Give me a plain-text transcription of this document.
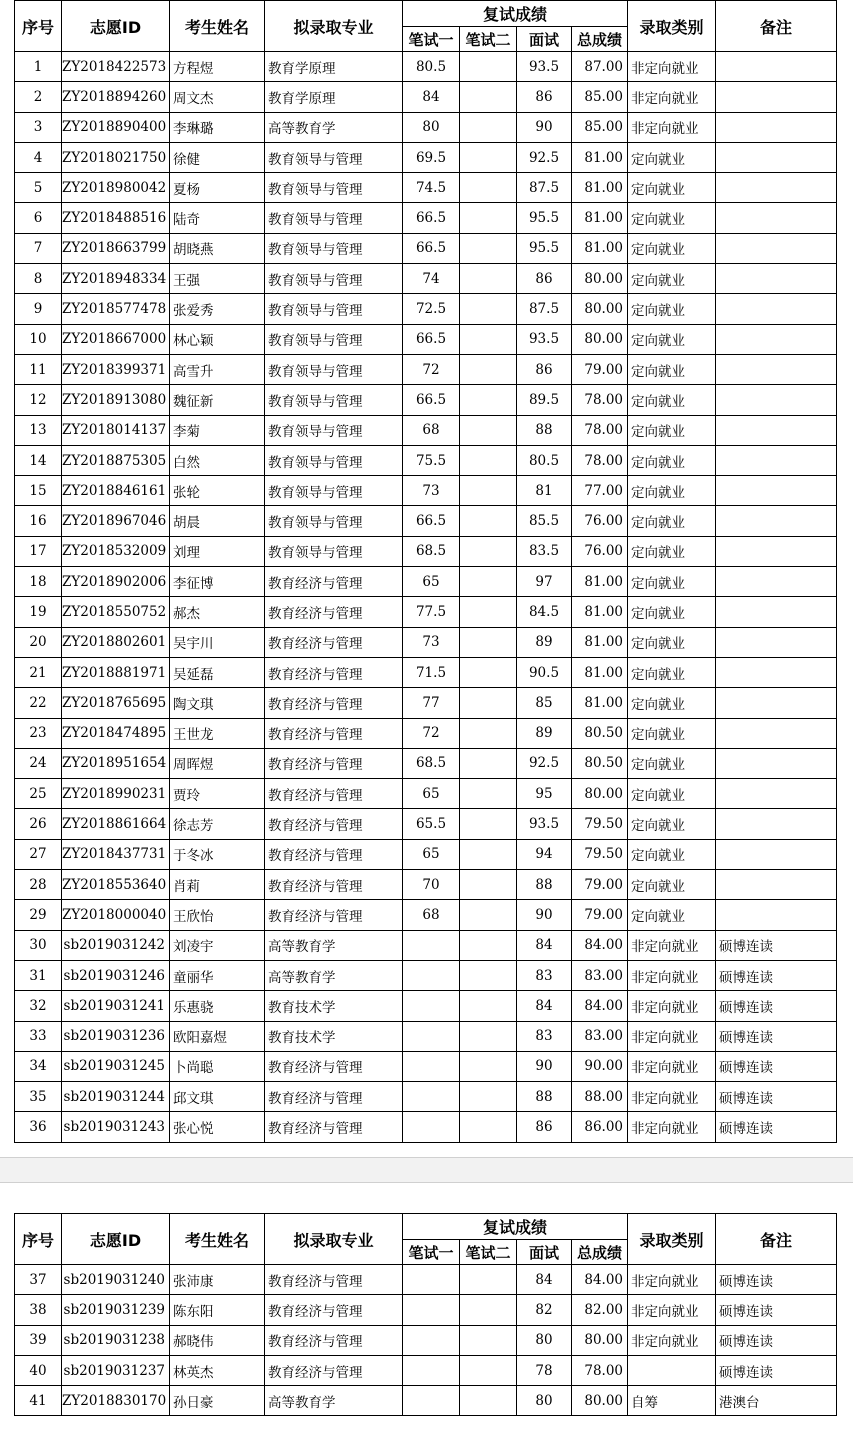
序号	志愿ID	考生姓名	拟录取专业	复试成绩				录取类别	备注
				笔试一	笔试二	面试	总成绩		
1	ZY2018422573	方程煜	教育学原理	80.5		93.5	87.00	非定向就业	
2	ZY2018894260	周文杰	教育学原理	84		86	85.00	非定向就业	
3	ZY2018890400	李琳璐	高等教育学	80		90	85.00	非定向就业	
4	ZY2018021750	徐健	教育领导与管理	69.5		92.5	81.00	定向就业	
5	ZY2018980042	夏杨	教育领导与管理	74.5		87.5	81.00	定向就业	
6	ZY2018488516	陆奇	教育领导与管理	66.5		95.5	81.00	定向就业	
7	ZY2018663799	胡晓燕	教育领导与管理	66.5		95.5	81.00	定向就业	
8	ZY2018948334	王强	教育领导与管理	74		86	80.00	定向就业	
9	ZY2018577478	张爱秀	教育领导与管理	72.5		87.5	80.00	定向就业	
10	ZY2018667000	林心颖	教育领导与管理	66.5		93.5	80.00	定向就业	
11	ZY2018399371	高雪升	教育领导与管理	72		86	79.00	定向就业	
12	ZY2018913080	魏征新	教育领导与管理	66.5		89.5	78.00	定向就业	
13	ZY2018014137	李菊	教育领导与管理	68		88	78.00	定向就业	
14	ZY2018875305	白然	教育领导与管理	75.5		80.5	78.00	定向就业	
15	ZY2018846161	张轮	教育领导与管理	73		81	77.00	定向就业	
16	ZY2018967046	胡晨	教育领导与管理	66.5		85.5	76.00	定向就业	
17	ZY2018532009	刘理	教育领导与管理	68.5		83.5	76.00	定向就业	
18	ZY2018902006	李征博	教育经济与管理	65		97	81.00	定向就业	
19	ZY2018550752	郝杰	教育经济与管理	77.5		84.5	81.00	定向就业	
20	ZY2018802601	吴宇川	教育经济与管理	73		89	81.00	定向就业	
21	ZY2018881971	吴延磊	教育经济与管理	71.5		90.5	81.00	定向就业	
22	ZY2018765695	陶文琪	教育经济与管理	77		85	81.00	定向就业	
23	ZY2018474895	王世龙	教育经济与管理	72		89	80.50	定向就业	
24	ZY2018951654	周晖煜	教育经济与管理	68.5		92.5	80.50	定向就业	
25	ZY2018990231	贾玲	教育经济与管理	65		95	80.00	定向就业	
26	ZY2018861664	徐志芳	教育经济与管理	65.5		93.5	79.50	定向就业	
27	ZY2018437731	于冬冰	教育经济与管理	65		94	79.50	定向就业	
28	ZY2018553640	肖莉	教育经济与管理	70		88	79.00	定向就业	
29	ZY2018000040	王欣怡	教育经济与管理	68		90	79.00	定向就业	
30	sb2019031242	刘凌宇	高等教育学			84	84.00	非定向就业	硕博连读
31	sb2019031246	童丽华	高等教育学			83	83.00	非定向就业	硕博连读
32	sb2019031241	乐惠骁	教育技术学			84	84.00	非定向就业	硕博连读
33	sb2019031236	欧阳嘉煜	教育技术学			83	83.00	非定向就业	硕博连读
34	sb2019031245	卜尚聪	教育经济与管理			90	90.00	非定向就业	硕博连读
35	sb2019031244	邱文琪	教育经济与管理			88	88.00	非定向就业	硕博连读
36	sb2019031243	张心悦	教育经济与管理			86	86.00	非定向就业	硕博连读
序号	志愿ID	考生姓名	拟录取专业	复试成绩				录取类别	备注
				笔试一	笔试二	面试	总成绩		
37	sb2019031240	张沛康	教育经济与管理			84	84.00	非定向就业	硕博连读
38	sb2019031239	陈东阳	教育经济与管理			82	82.00	非定向就业	硕博连读
39	sb2019031238	郝晓伟	教育经济与管理			80	80.00	非定向就业	硕博连读
40	sb2019031237	林英杰	教育经济与管理			78	78.00		硕博连读
41	ZY2018830170	孙日豪	高等教育学			80	80.00	自筹	港澳台
